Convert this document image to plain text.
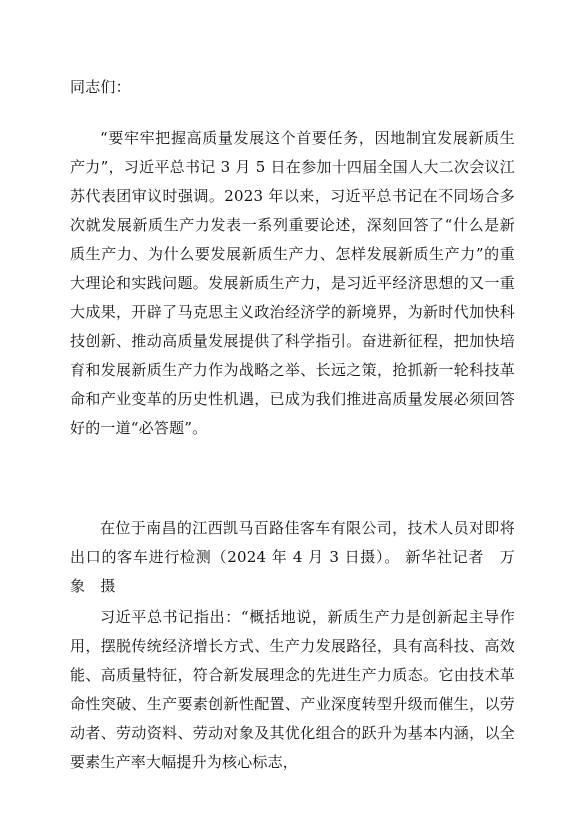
同志们：

“要牢牢把握高质量发展这个首要任务，因地制宜发展新质生产力”，习近平总书记 3 月 5 日在参加十四届全国人大二次会议江苏代表团审议时强调。2023 年以来，习近平总书记在不同场合多次就发展新质生产力发表一系列重要论述，深刻回答了“什么是新质生产力、为什么要发展新质生产力、怎样发展新质生产力”的重大理论和实践问题。发展新质生产力，是习近平经济思想的又一重大成果，开辟了马克思主义政治经济学的新境界，为新时代加快科技创新、推动高质量发展提供了科学指引。奋进新征程，把加快培育和发展新质生产力作为战略之举、长远之策，抢抓新一轮科技革命和产业变革的历史性机遇，已成为我们推进高质量发展必须回答好的一道“必答题”。

在位于南昌的江西凯马百路佳客车有限公司，技术人员对即将出口的客车进行检测（2024 年 4 月 3 日摄）。 新华社记者　万象　摄

习近平总书记指出：“概括地说，新质生产力是创新起主导作用，摆脱传统经济增长方式、生产力发展路径，具有高科技、高效能、高质量特征，符合新发展理念的先进生产力质态。它由技术革命性突破、生产要素创新性配置、产业深度转型升级而催生，以劳动者、劳动资料、劳动对象及其优化组合的跃升为基本内涵，以全要素生产率大幅提升为核心标志，
